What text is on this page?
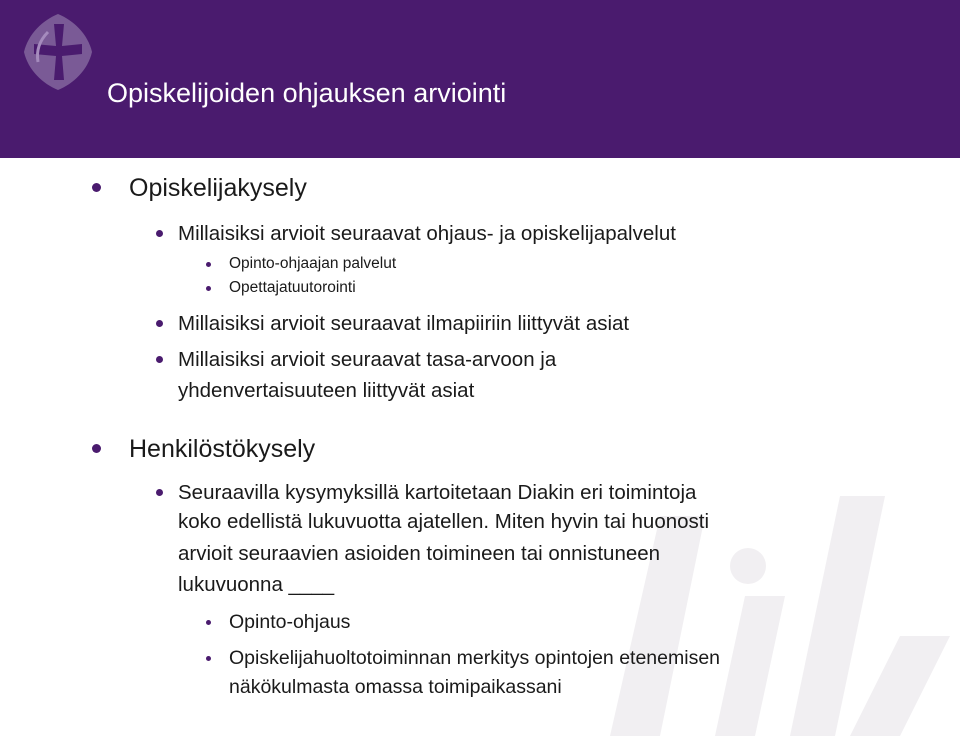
Opiskelijoiden ohjauksen arviointi

Opiskelijakysely

Millaisiksi arvioit seuraavat ohjaus- ja opiskelijapalvelut

Opinto-ohjaajan palvelut

Opettajatuutorointi

Millaisiksi arvioit seuraavat ilmapiiriin liittyvät asiat

Millaisiksi arvioit seuraavat tasa-arvoon ja

yhdenvertaisuuteen liittyvät asiat

Henkilöstökysely

Seuraavilla kysymyksillä kartoitetaan Diakin eri toimintoja

koko edellistä lukuvuotta ajatellen. Miten hyvin tai huonosti

arvioit seuraavien asioiden toimineen tai onnistuneen

lukuvuonna ____

Opinto-ohjaus

Opiskelijahuoltotoiminnan merkitys opintojen etenemisen

näkökulmasta omassa toimipaikassani
